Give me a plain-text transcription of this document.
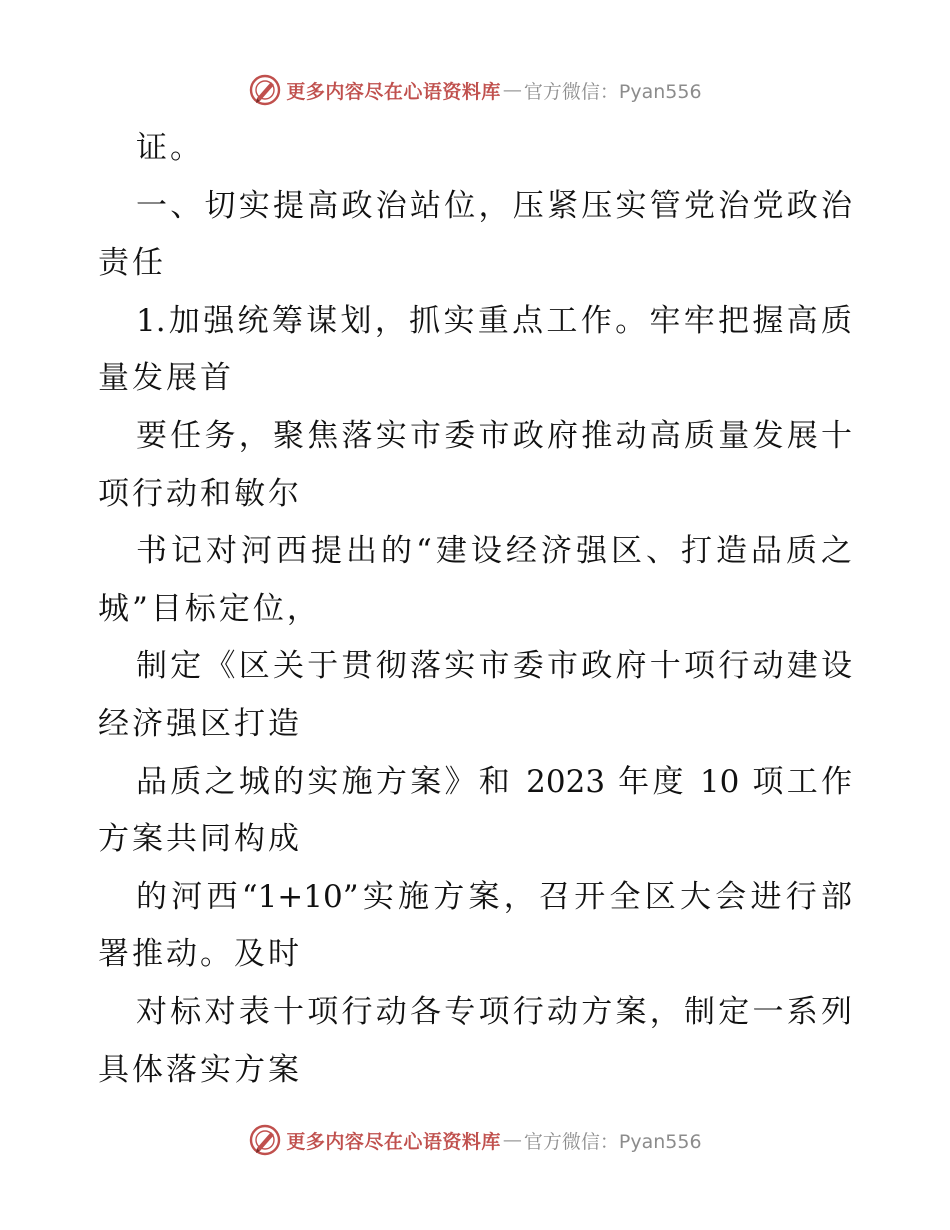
更多内容尽在心语资料库 — 官方微信：Pyan556
证。
一、切实提高政治站位，压紧压实管党治党政治
责任
1.加强统筹谋划，抓实重点工作。牢牢把握高质
量发展首
要任务，聚焦落实市委市政府推动高质量发展十
项行动和敏尔
书记对河西提出的“建设经济强区、打造品质之
城”目标定位，
制定《区关于贯彻落实市委市政府十项行动建设
经济强区打造
品质之城的实施方案》和 2023 年度 10 项工作
方案共同构成
的河西“1+10”实施方案，召开全区大会进行部
署推动。及时
对标对表十项行动各专项行动方案，制定一系列
具体落实方案
更多内容尽在心语资料库 — 官方微信：Pyan556
